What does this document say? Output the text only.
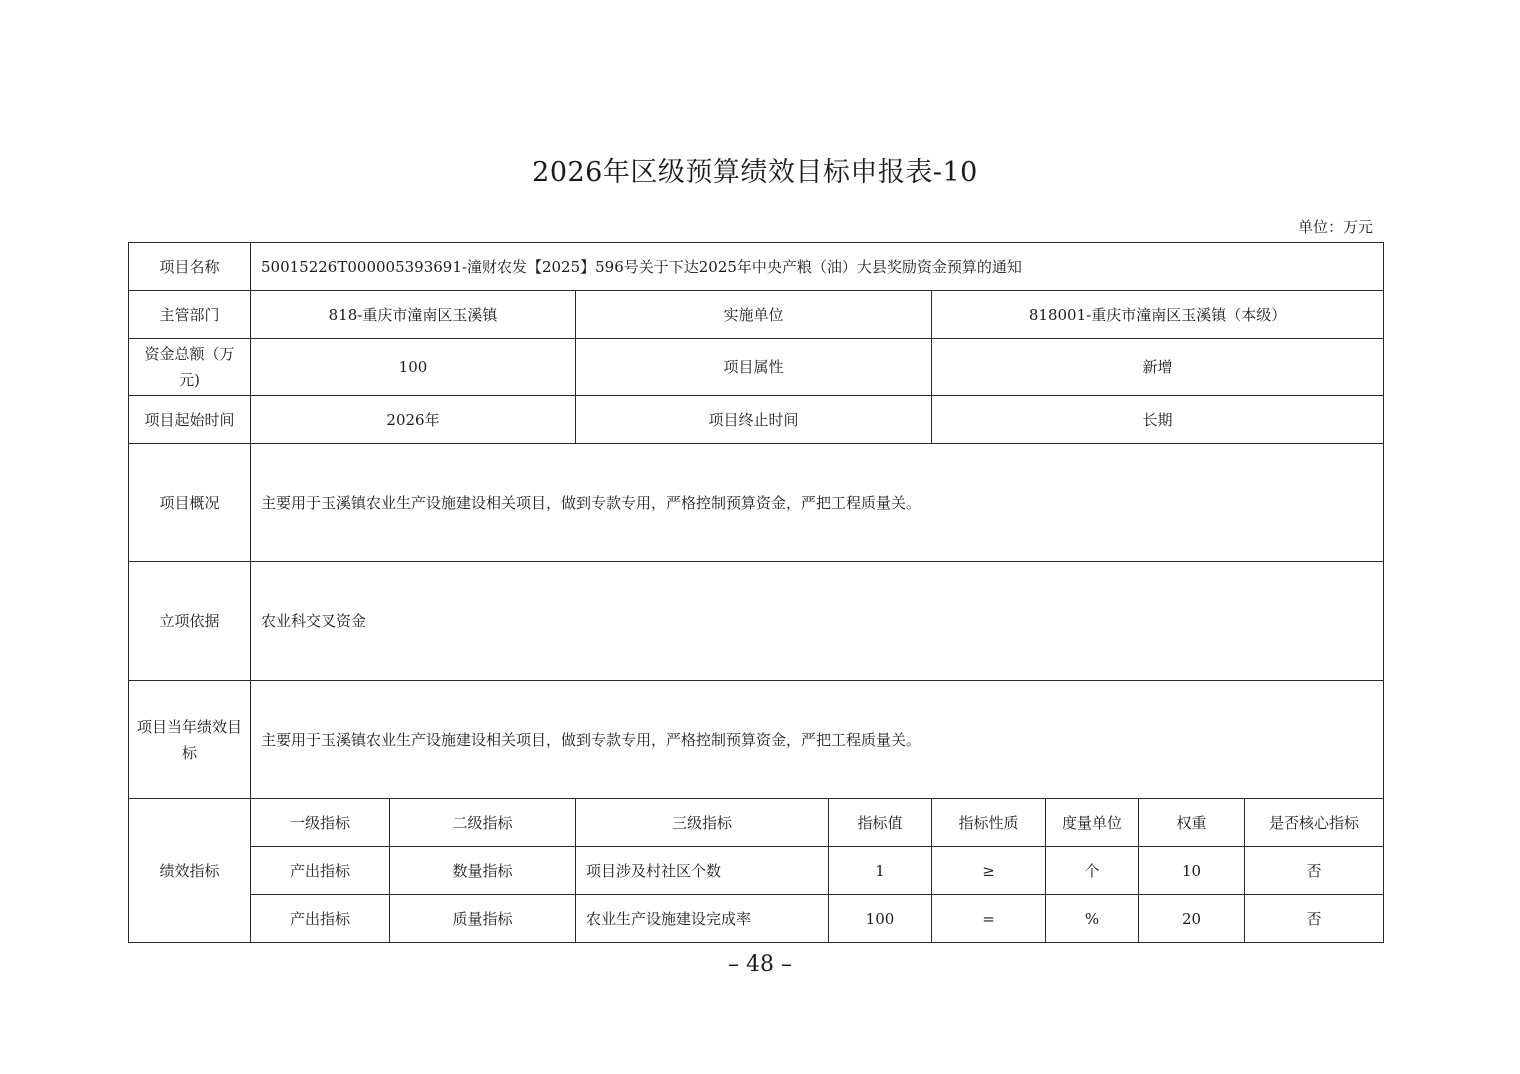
2026年区级预算绩效目标申报表-10
单位：万元
项目名称	50015226T000005393691-潼财农发【2025】596号关于下达2025年中央产粮（油）大县奖励资金预算的通知							
主管部门	818-重庆市潼南区玉溪镇		实施单位		818001-重庆市潼南区玉溪镇（本级）			
资金总额（万元)	100		项目属性		新增			
项目起始时间	2026年		项目终止时间		长期			
项目概况	主要用于玉溪镇农业生产设施建设相关项目，做到专款专用，严格控制预算资金，严把工程质量关。							
立项依据	农业科交叉资金							
项目当年绩效目标	主要用于玉溪镇农业生产设施建设相关项目，做到专款专用，严格控制预算资金，严把工程质量关。							
绩效指标	一级指标	二级指标	三级指标	指标值	指标性质	度量单位	权重	是否核心指标
	产出指标	数量指标	项目涉及村社区个数	1	≥	个	10	否
	产出指标	质量指标	农业生产设施建设完成率	100	=	%	20	否
– 48 –
